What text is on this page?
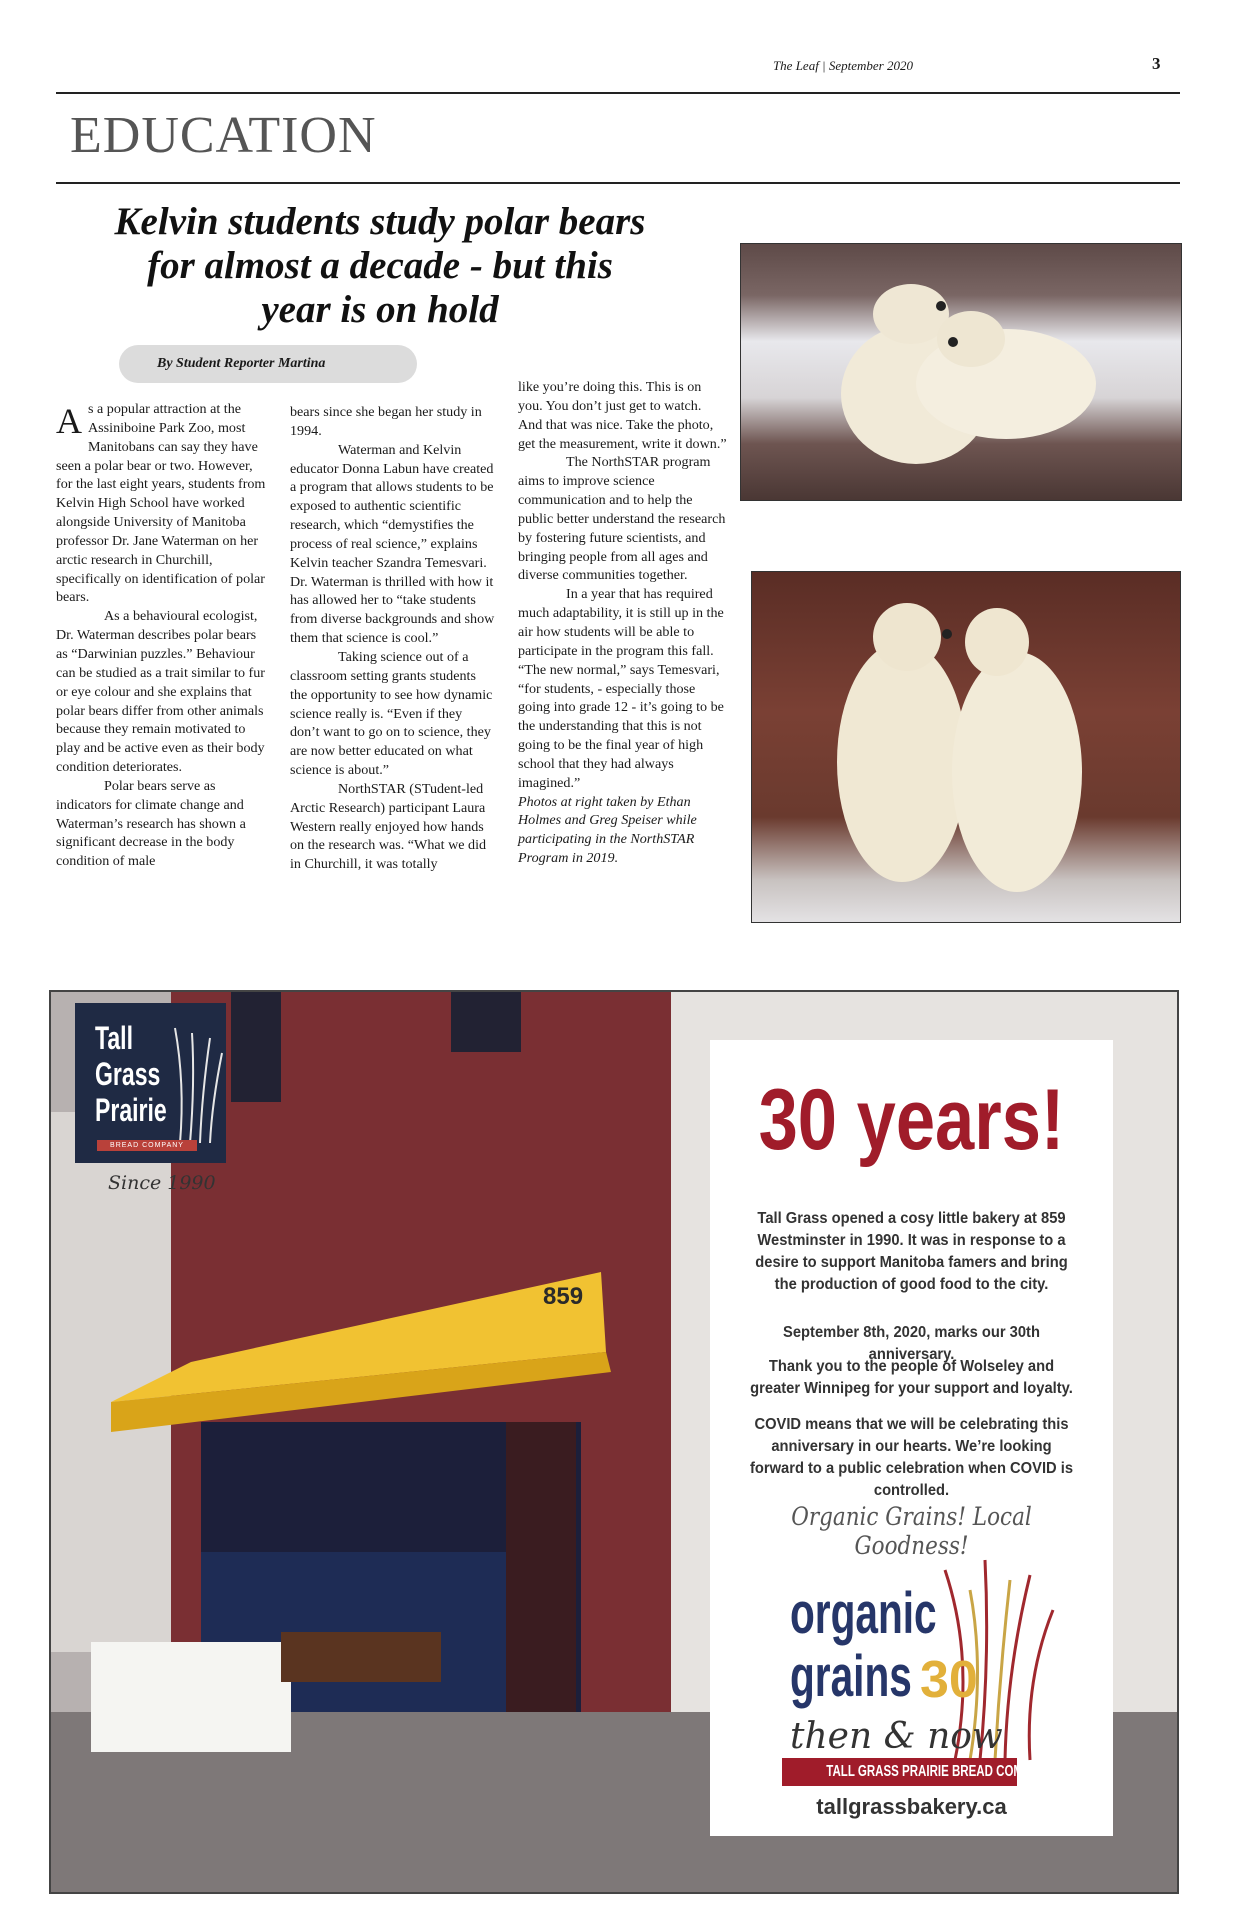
The Leaf | September 2020	3
EDUCATION
Kelvin students study polar bears for almost a decade - but this year is on hold
By Student Reporter Martina
A s a popular attraction at the Assiniboine Park Zoo, most Manitobans can say they have seen a polar bear or two. However, for the last eight years, students from Kelvin High School have worked alongside University of Manitoba professor Dr. Jane Waterman on her arctic research in Churchill, specifically on identification of polar bears.

As a behavioural ecologist, Dr. Waterman describes polar bears as “Darwinian puzzles.” Behaviour can be studied as a trait similar to fur or eye colour and she explains that polar bears differ from other animals because they remain motivated to play and be active even as their body condition deteriorates.

Polar bears serve as indicators for climate change and Waterman’s research has shown a significant decrease in the body condition of male

bears since she began her study in 1994.

Waterman and Kelvin educator Donna Labun have created a program that allows students to be exposed to authentic scientific research, which “demystifies the process of real science,” explains Kelvin teacher Szandra Temesvari. Dr. Waterman is thrilled with how it has allowed her to “take students from diverse backgrounds and show them that science is cool.”

Taking science out of a classroom setting grants students the opportunity to see how dynamic science really is. “Even if they don’t want to go on to science, they are now better educated on what science is about.”

NorthSTAR (STudent-led Arctic Research) participant Laura Western really enjoyed how hands on the research was. “What we did in Churchill, it was totally

like you’re doing this. This is on you. You don’t just get to watch. And that was nice. Take the photo, get the measurement, write it down.”

The NorthSTAR program aims to improve science communication and to help the public better understand the research by fostering future scientists, and bringing people from all ages and diverse communities together.

In a year that has required much adaptability, it is still up in the air how students will be able to participate in the program this fall. “The new normal,” says Temesvari, “for students, - especially those going into grade 12 - it’s going to be the understanding that this is not going to be the final year of high school that they had always imagined.”

Photos at right taken by Ethan Holmes and Greg Speiser while participating in the NorthSTAR Program in 2019.

Tall
Grass
Prairie
BREAD COMPANY
Since 1990
859
30 years!
Tall Grass opened a cosy little bakery at 859 Westminster in 1990. It was in response to a desire to support Manitoba famers and bring the production of good food to the city.
September 8th, 2020, marks our 30th anniversary.
Thank you to the people of Wolseley and greater Winnipeg for your support and loyalty.
COVID means that we will be celebrating this anniversary in our hearts. We’re looking forward to a public celebration when COVID is controlled.
Organic Grains! Local Goodness!
organic
grains 30
then & now
TALL GRASS PRAIRIE BREAD COMPANY
tallgrassbakery.ca
